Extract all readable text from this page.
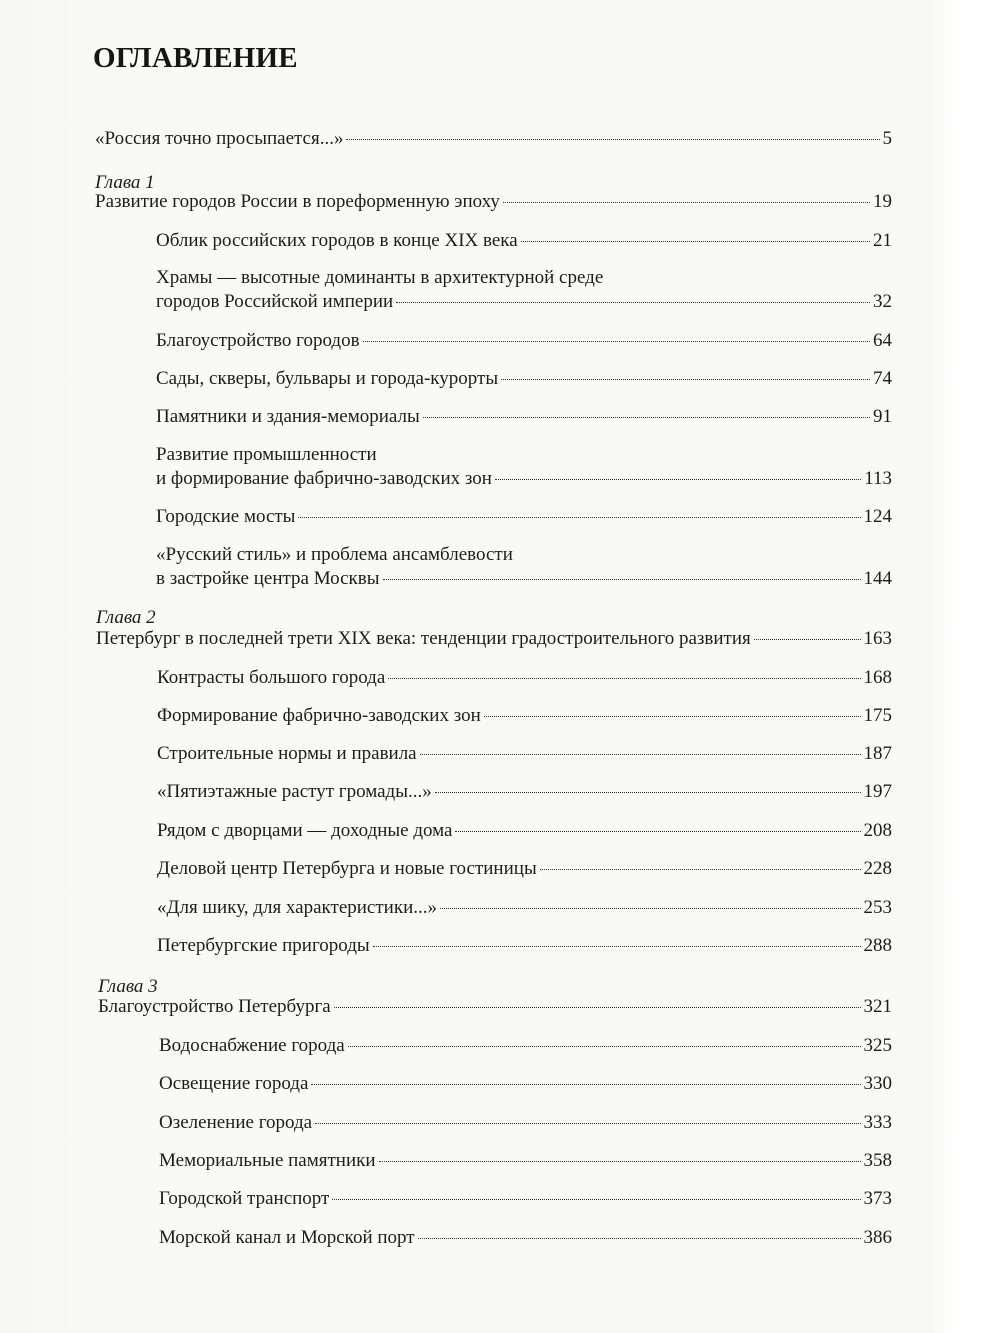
ОГЛАВЛЕНИЕ
«Россия точно просыпается...»	5
Глава 1
Развитие городов России в пореформенную эпоху	19
Облик российских городов в конце XIX века	21
Храмы — высотные доминанты в архитектурной среде
городов Российской империи	32
Благоустройство городов	64
Сады, скверы, бульвары и города-курорты	74
Памятники и здания-мемориалы	91
Развитие промышленности
и формирование фабрично-заводских зон	113
Городские мосты	124
«Русский стиль» и проблема ансамблевости
в застройке центра Москвы	144
Глава 2
Петербург в последней трети XIX века: тенденции градостроительного развития	163
Контрасты большого города	168
Формирование фабрично-заводских зон	175
Строительные нормы и правила	187
«Пятиэтажные растут громады...»	197
Рядом с дворцами — доходные дома	208
Деловой центр Петербурга и новые гостиницы	228
«Для шику, для характеристики...»	253
Петербургские пригороды	288
Глава 3
Благоустройство Петербурга	321
Водоснабжение города	325
Освещение города	330
Озеленение города	333
Мемориальные памятники	358
Городской транспорт	373
Морской канал и Морской порт	386
